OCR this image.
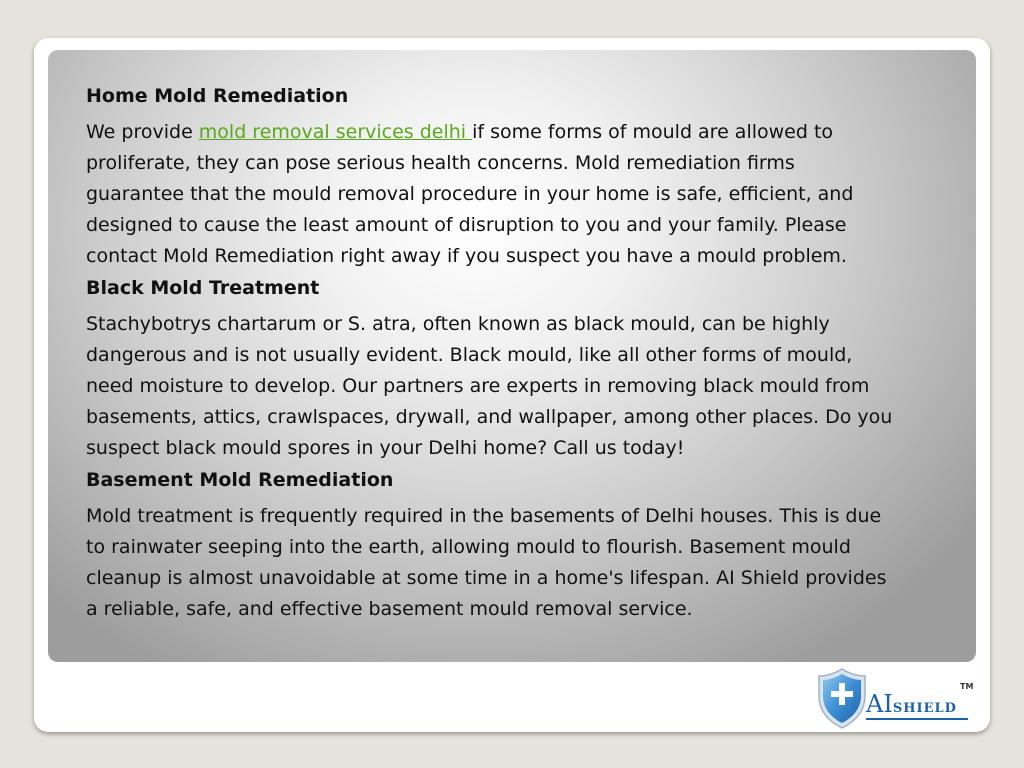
Home Mold Remediation
We provide mold removal services delhi if some forms of mould are allowed to
proliferate, they can pose serious health concerns. Mold remediation firms
guarantee that the mould removal procedure in your home is safe, efficient, and
designed to cause the least amount of disruption to you and your family. Please
contact Mold Remediation right away if you suspect you have a mould problem.
Black Mold Treatment
Stachybotrys chartarum or S. atra, often known as black mould, can be highly
dangerous and is not usually evident. Black mould, like all other forms of mould,
need moisture to develop. Our partners are experts in removing black mould from
basements, attics, crawlspaces, drywall, and wallpaper, among other places. Do you
suspect black mould spores in your Delhi home? Call us today!
Basement Mold Remediation
Mold treatment is frequently required in the basements of Delhi houses. This is due
to rainwater seeping into the earth, allowing mould to flourish. Basement mould
cleanup is almost unavoidable at some time in a home's lifespan. AI Shield provides
a reliable, safe, and effective basement mould removal service.
AISHIELD
TM
